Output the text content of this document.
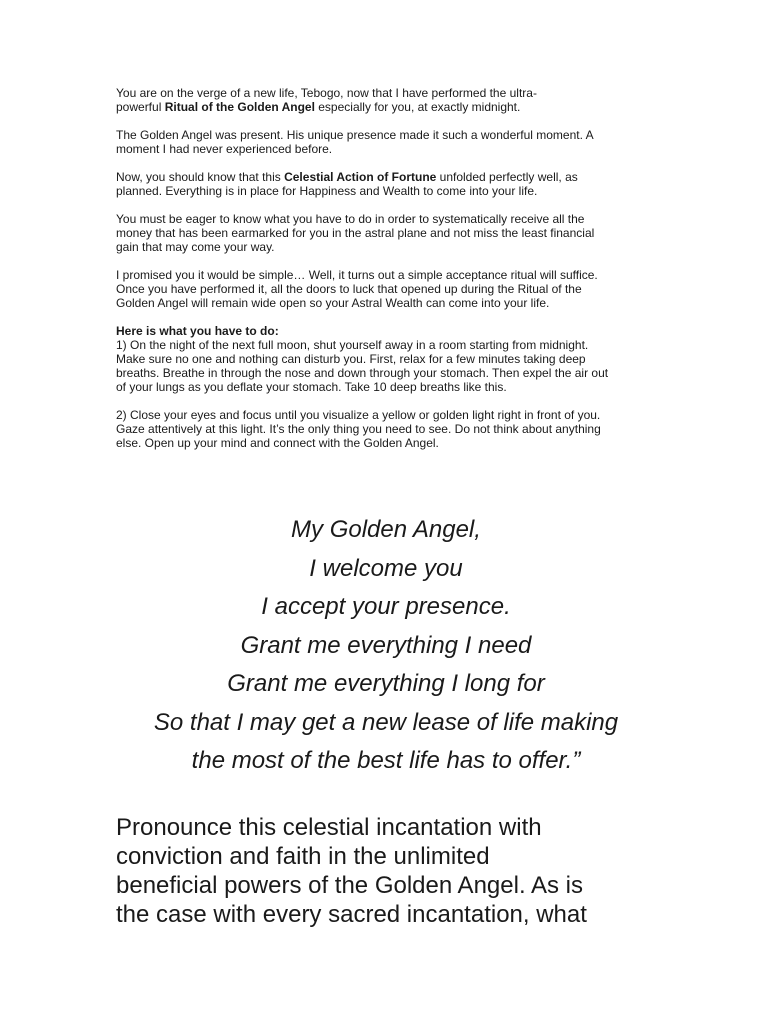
You are on the verge of a new life, Tebogo, now that I have performed the ultra-
powerful Ritual of the Golden Angel especially for you, at exactly midnight.

The Golden Angel was present. His unique presence made it such a wonderful moment. A
moment I had never experienced before.

Now, you should know that this Celestial Action of Fortune unfolded perfectly well, as
planned. Everything is in place for Happiness and Wealth to come into your life.

You must be eager to know what you have to do in order to systematically receive all the
money that has been earmarked for you in the astral plane and not miss the least financial
gain that may come your way.

I promised you it would be simple… Well, it turns out a simple acceptance ritual will suffice.
Once you have performed it, all the doors to luck that opened up during the Ritual of the
Golden Angel will remain wide open so your Astral Wealth can come into your life.

Here is what you have to do:
1) On the night of the next full moon, shut yourself away in a room starting from midnight.
Make sure no one and nothing can disturb you. First, relax for a few minutes taking deep
breaths. Breathe in through the nose and down through your stomach. Then expel the air out
of your lungs as you deflate your stomach. Take 10 deep breaths like this.

2) Close your eyes and focus until you visualize a yellow or golden light right in front of you.
Gaze attentively at this light. It’s the only thing you need to see. Do not think about anything
else. Open up your mind and connect with the Golden Angel.

My Golden Angel,
I welcome you
I accept your presence.
Grant me everything I need
Grant me everything I long for
So that I may get a new lease of life making
the most of the best life has to offer.”
Pronounce this celestial incantation with
conviction and faith in the unlimited
beneficial powers of the Golden Angel. As is
the case with every sacred incantation, what
